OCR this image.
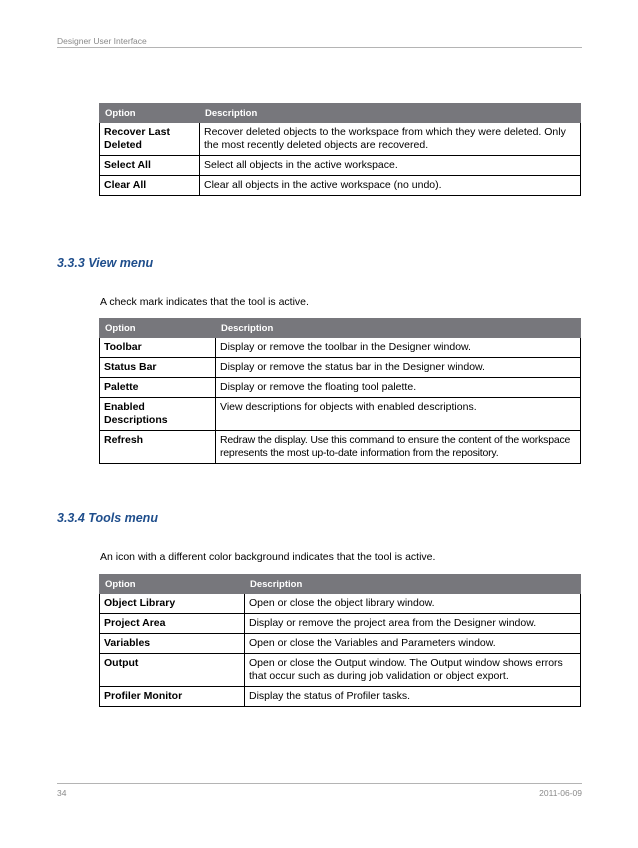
Designer User Interface
Option	Description
Recover Last Deleted	Recover deleted objects to the workspace from which they were deleted. Only the most recently deleted objects are recovered.
Select All	Select all objects in the active workspace.
Clear All	Clear all objects in the active workspace (no undo).
3.3.3 View menu
A check mark indicates that the tool is active.
Option	Description
Toolbar	Display or remove the toolbar in the Designer window.
Status Bar	Display or remove the status bar in the Designer window.
Palette	Display or remove the floating tool palette.
Enabled Descriptions	View descriptions for objects with enabled descriptions.
Refresh	Redraw the display. Use this command to ensure the content of the workspace represents the most up-to-date information from the repository.
3.3.4 Tools menu
An icon with a different color background indicates that the tool is active.
Option	Description
Object Library	Open or close the object library window.
Project Area	Display or remove the project area from the Designer window.
Variables	Open or close the Variables and Parameters window.
Output	Open or close the Output window. The Output window shows errors that occur such as during job validation or object export.
Profiler Monitor	Display the status of Profiler tasks.
34	2011-06-09
